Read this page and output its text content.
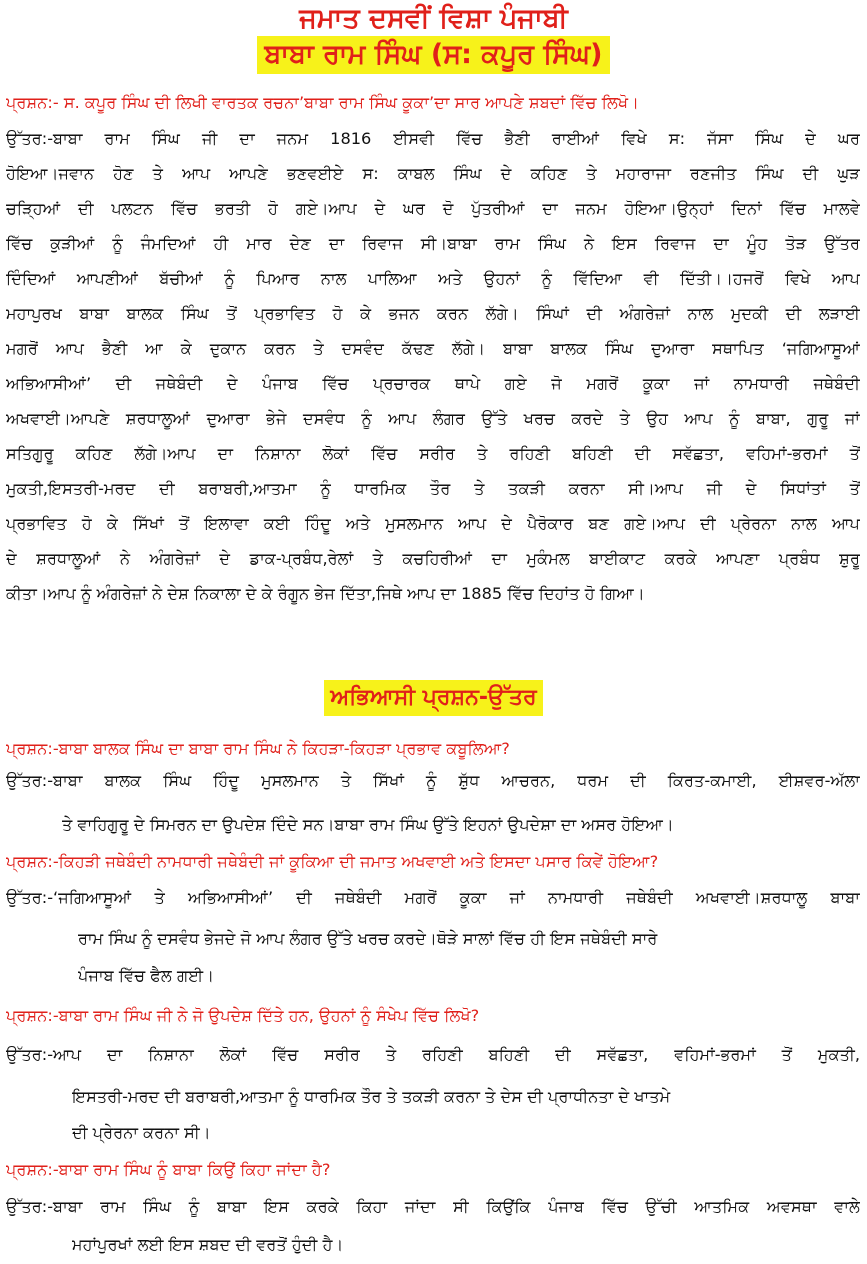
ਜਮਾਤ ਦਸਵੀਂ ਵਿਸ਼ਾ ਪੰਜਾਬੀ
ਬਾਬਾ ਰਾਮ ਸਿੰਘ (ਸ: ਕਪੂਰ ਸਿੰਘ)
ਪ੍ਰਸ਼ਨ:- ਸ. ਕਪੂਰ ਸਿੰਘ ਦੀ ਲਿਖੀ ਵਾਰਤਕ ਰਚਨਾ’ਬਾਬਾ ਰਾਮ ਸਿੰਘ ਕੂਕਾ’ਦਾ ਸਾਰ ਆਪਣੇ ਸ਼ਬਦਾਂ ਵਿੱਚ ਲਿਖੋ।
ਉੱਤਰ:-ਬਾਬਾ ਰਾਮ ਸਿੰਘ ਜੀ ਦਾ ਜਨਮ 1816 ਈਸਵੀ ਵਿੱਚ ਭੈਣੀ ਰਾਈਆਂ ਵਿਖੇ ਸ: ਜੱਸਾ ਸਿੰਘ ਦੇ ਘਰ
ਹੋਇਆ।ਜਵਾਨ ਹੋਣ ਤੇ ਆਪ ਆਪਣੇ ਭਣਵਈਏ ਸ: ਕਾਬਲ ਸਿੰਘ ਦੇ ਕਹਿਣ ਤੇ ਮਹਾਰਾਜਾ ਰਣਜੀਤ ਸਿੰਘ ਦੀ ਘੁੜ
ਚੜ੍ਹਿਆਂ ਦੀ ਪਲਟਨ ਵਿੱਚ ਭਰਤੀ ਹੋ ਗਏ।ਆਪ ਦੇ ਘਰ ਦੋ ਪੁੱਤਰੀਆਂ ਦਾ ਜਨਮ ਹੋਇਆ।ਉਨ੍ਹਾਂ ਦਿਨਾਂ ਵਿੱਚ ਮਾਲਵੇ
ਵਿੱਚ ਕੁੜੀਆਂ ਨੂੰ ਜੰਮਦਿਆਂ ਹੀ ਮਾਰ ਦੇਣ ਦਾ ਰਿਵਾਜ ਸੀ।ਬਾਬਾ ਰਾਮ ਸਿੰਘ ਨੇ ਇਸ ਰਿਵਾਜ ਦਾ ਮੂੰਹ ਤੋੜ ਉੱਤਰ
ਦਿੰਦਿਆਂ ਆਪਣੀਆਂ ਬੱਚੀਆਂ ਨੂੰ ਪਿਆਰ ਨਾਲ ਪਾਲਿਆ ਅਤੇ ਉਹਨਾਂ ਨੂੰ ਵਿੱਦਿਆ ਵੀ ਦਿੱਤੀ।।ਹਜਰੋਂ ਵਿਖੇ ਆਪ
ਮਹਾਪੁਰਖ ਬਾਬਾ ਬਾਲਕ ਸਿੰਘ ਤੋਂ ਪ੍ਰਭਾਵਿਤ ਹੋ ਕੇ ਭਜਨ ਕਰਨ ਲੱਗੇ। ਸਿੰਘਾਂ ਦੀ ਅੰਗਰੇਜ਼ਾਂ ਨਾਲ ਮੁਦਕੀ ਦੀ ਲੜਾਈ
ਮਗਰੋਂ ਆਪ ਭੈਣੀ ਆ ਕੇ ਦੁਕਾਨ ਕਰਨ ਤੇ ਦਸਵੰਦ ਕੱਢਣ ਲੱਗੇ। ਬਾਬਾ ਬਾਲਕ ਸਿੰਘ ਦੁਆਰਾ ਸਥਾਪਿਤ ‘ਜਗਿਆਸੂਆਂ
ਅਭਿਆਸੀਆਂ’ ਦੀ ਜਥੇਬੰਦੀ ਦੇ ਪੰਜਾਬ ਵਿੱਚ ਪ੍ਰਚਾਰਕ ਥਾਪੇ ਗਏ ਜੋ ਮਗਰੋਂ ਕੂਕਾ ਜਾਂ ਨਾਮਧਾਰੀ ਜਥੇਬੰਦੀ
ਅਖਵਾਈ।ਆਪਣੇ ਸ਼ਰਧਾਲੂਆਂ ਦੁਆਰਾ ਭੇਜੇ ਦਸਵੰਧ ਨੂੰ ਆਪ ਲੰਗਰ ਉੱਤੇ ਖਰਚ ਕਰਦੇ ਤੇ ਉਹ ਆਪ ਨੂੰ ਬਾਬਾ, ਗੁਰੂ ਜਾਂ
ਸਤਿਗੁਰੂ ਕਹਿਣ ਲੱਗੇ।ਆਪ ਦਾ ਨਿਸ਼ਾਨਾ ਲੋਕਾਂ ਵਿੱਚ ਸਰੀਰ ਤੇ ਰਹਿਣੀ ਬਹਿਣੀ ਦੀ ਸਵੱਛਤਾ, ਵਹਿਮਾਂ-ਭਰਮਾਂ ਤੋਂ
ਮੁਕਤੀ,ਇਸਤਰੀ-ਮਰਦ ਦੀ ਬਰਾਬਰੀ,ਆਤਮਾ ਨੂੰ ਧਾਰਮਿਕ ਤੌਰ ਤੇ ਤਕੜੀ ਕਰਨਾ ਸੀ।ਆਪ ਜੀ ਦੇ ਸਿਧਾਂਤਾਂ ਤੋਂ
ਪ੍ਰਭਾਵਿਤ ਹੋ ਕੇ ਸਿੱਖਾਂ ਤੋਂ ਇਲਾਵਾ ਕਈ ਹਿੰਦੂ ਅਤੇ ਮੁਸਲਮਾਨ ਆਪ ਦੇ ਪੈਰੋਕਾਰ ਬਣ ਗਏ।ਆਪ ਦੀ ਪ੍ਰੇਰਨਾ ਨਾਲ ਆਪ
ਦੇ ਸ਼ਰਧਾਲੂਆਂ ਨੇ ਅੰਗਰੇਜ਼ਾਂ ਦੇ ਡਾਕ-ਪ੍ਰਬੰਧ,ਰੇਲਾਂ ਤੇ ਕਚਹਿਰੀਆਂ ਦਾ ਮੁਕੰਮਲ ਬਾਈਕਾਟ ਕਰਕੇ ਆਪਣਾ ਪ੍ਰਬੰਧ ਸ਼ੁਰੂ
ਕੀਤਾ।ਆਪ ਨੂੰ ਅੰਗਰੇਜ਼ਾਂ ਨੇ ਦੇਸ਼ ਨਿਕਾਲਾ ਦੇ ਕੇ ਰੰਗੂਨ ਭੇਜ ਦਿੱਤਾ,ਜਿਥੇ ਆਪ ਦਾ 1885 ਵਿੱਚ ਦਿਹਾਂਤ ਹੋ ਗਿਆ।
ਅਭਿਆਸੀ ਪ੍ਰਸ਼ਨ-ਉੱਤਰ
ਪ੍ਰਸ਼ਨ:-ਬਾਬਾ ਬਾਲਕ ਸਿੰਘ ਦਾ ਬਾਬਾ ਰਾਮ ਸਿੰਘ ਨੇ ਕਿਹੜਾ-ਕਿਹੜਾ ਪ੍ਰਭਾਵ ਕਬੂਲਿਆ?
ਉੱਤਰ:-ਬਾਬਾ ਬਾਲਕ ਸਿੰਘ ਹਿੰਦੂ ਮੁਸਲਮਾਨ ਤੇ ਸਿੱਖਾਂ ਨੂੰ ਸ਼ੁੱਧ ਆਚਰਨ, ਧਰਮ ਦੀ ਕਿਰਤ-ਕਮਾਈ, ਈਸ਼ਵਰ-ਅੱਲਾ
ਤੇ ਵਾਹਿਗੁਰੂ ਦੇ ਸਿਮਰਨ ਦਾ ਉਪਦੇਸ਼ ਦਿੰਦੇ ਸਨ।ਬਾਬਾ ਰਾਮ ਸਿੰਘ ਉੱਤੇ ਇਹਨਾਂ ਉਪਦੇਸ਼ਾ ਦਾ ਅਸਰ ਹੋਇਆ।
ਪ੍ਰਸ਼ਨ:-ਕਿਹੜੀ ਜਥੇਬੰਦੀ ਨਾਮਧਾਰੀ ਜਥੇਬੰਦੀ ਜਾਂ ਕੂਕਿਆ ਦੀ ਜਮਾਤ ਅਖਵਾਈ ਅਤੇ ਇਸਦਾ ਪਸਾਰ ਕਿਵੇਂ ਹੋਇਆ?
ਉੱਤਰ:-‘ਜਗਿਆਸੂਆਂ ਤੇ ਅਭਿਆਸੀਆਂ’ ਦੀ ਜਥੇਬੰਦੀ ਮਗਰੋਂ ਕੂਕਾ ਜਾਂ ਨਾਮਧਾਰੀ ਜਥੇਬੰਦੀ ਅਖਵਾਈ।ਸ਼ਰਧਾਲੂ ਬਾਬਾ
ਰਾਮ ਸਿੰਘ ਨੂੰ ਦਸਵੰਧ ਭੇਜਦੇ ਜੋ ਆਪ ਲੰਗਰ ਉੱਤੇ ਖਰਚ ਕਰਦੇ।ਥੋੜੇ ਸਾਲਾਂ ਵਿੱਚ ਹੀ ਇਸ ਜਥੇਬੰਦੀ ਸਾਰੇ
ਪੰਜਾਬ ਵਿੱਚ ਫੈਲ ਗਈ।
ਪ੍ਰਸ਼ਨ:-ਬਾਬਾ ਰਾਮ ਸਿੰਘ ਜੀ ਨੇ ਜੋ ਉਪਦੇਸ਼ ਦਿੱਤੇ ਹਨ, ਉਹਨਾਂ ਨੂੰ ਸੰਖੇਪ ਵਿੱਚ ਲਿਖੋ?
ਉੱਤਰ:-ਆਪ ਦਾ ਨਿਸ਼ਾਨਾ ਲੋਕਾਂ ਵਿੱਚ ਸਰੀਰ ਤੇ ਰਹਿਣੀ ਬਹਿਣੀ ਦੀ ਸਵੱਛਤਾ, ਵਹਿਮਾਂ-ਭਰਮਾਂ ਤੋਂ ਮੁਕਤੀ,
ਇਸਤਰੀ-ਮਰਦ ਦੀ ਬਰਾਬਰੀ,ਆਤਮਾ ਨੂੰ ਧਾਰਮਿਕ ਤੌਰ ਤੇ ਤਕੜੀ ਕਰਨਾ ਤੇ ਦੇਸ ਦੀ ਪ੍ਰਾਧੀਨਤਾ ਦੇ ਖਾਤਮੇ
ਦੀ ਪ੍ਰੇਰਨਾ ਕਰਨਾ ਸੀ।
ਪ੍ਰਸ਼ਨ:-ਬਾਬਾ ਰਾਮ ਸਿੰਘ ਨੂੰ ਬਾਬਾ ਕਿਉਂ ਕਿਹਾ ਜਾਂਦਾ ਹੈ?
ਉੱਤਰ:-ਬਾਬਾ ਰਾਮ ਸਿੰਘ ਨੂੰ ਬਾਬਾ ਇਸ ਕਰਕੇ ਕਿਹਾ ਜਾਂਦਾ ਸੀ ਕਿਉਂਕਿ ਪੰਜਾਬ ਵਿੱਚ ਉੱਚੀ ਆਤਮਿਕ ਅਵਸਥਾ ਵਾਲੇ
ਮਹਾਂਪੁਰਖਾਂ ਲਈ ਇਸ ਸ਼ਬਦ ਦੀ ਵਰਤੋਂ ਹੁੰਦੀ ਹੈ।
